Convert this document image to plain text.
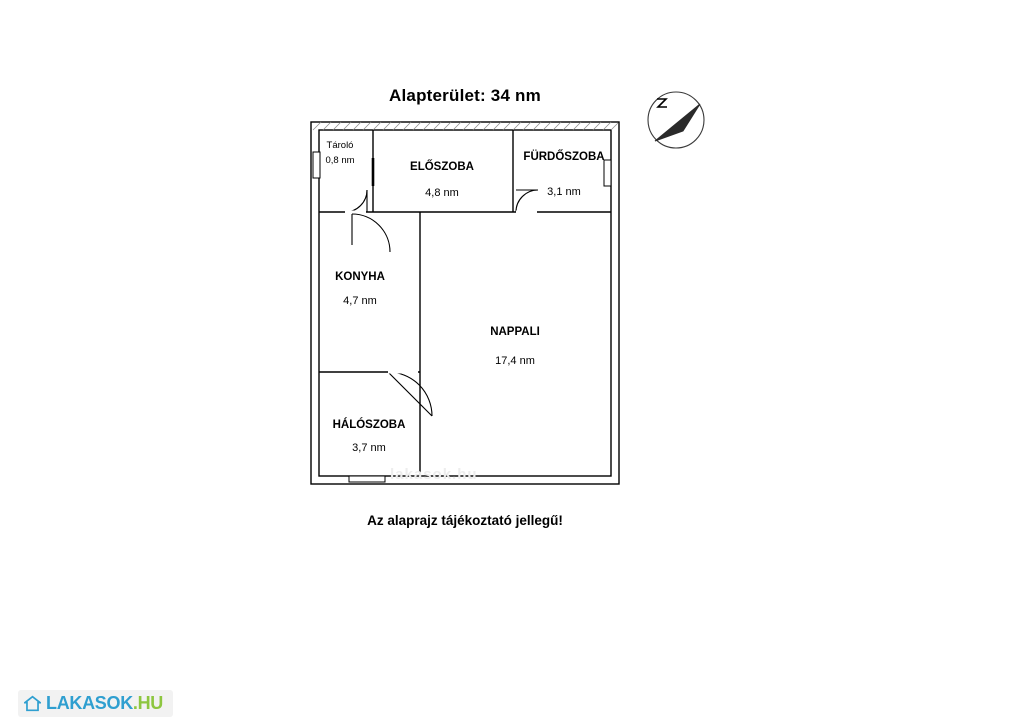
Alapterület: 34 nm
Tároló
0,8 nm
ELŐSZOBA
4,8 nm
FÜRDŐSZOBA
3,1 nm
KONYHA
4,7 nm
NAPPALI
17,4 nm
HÁLÓSZOBA
3,7 nm
lakasok.hu
Az alaprajz tájékoztató jellegű!
LAKASOK.HU
